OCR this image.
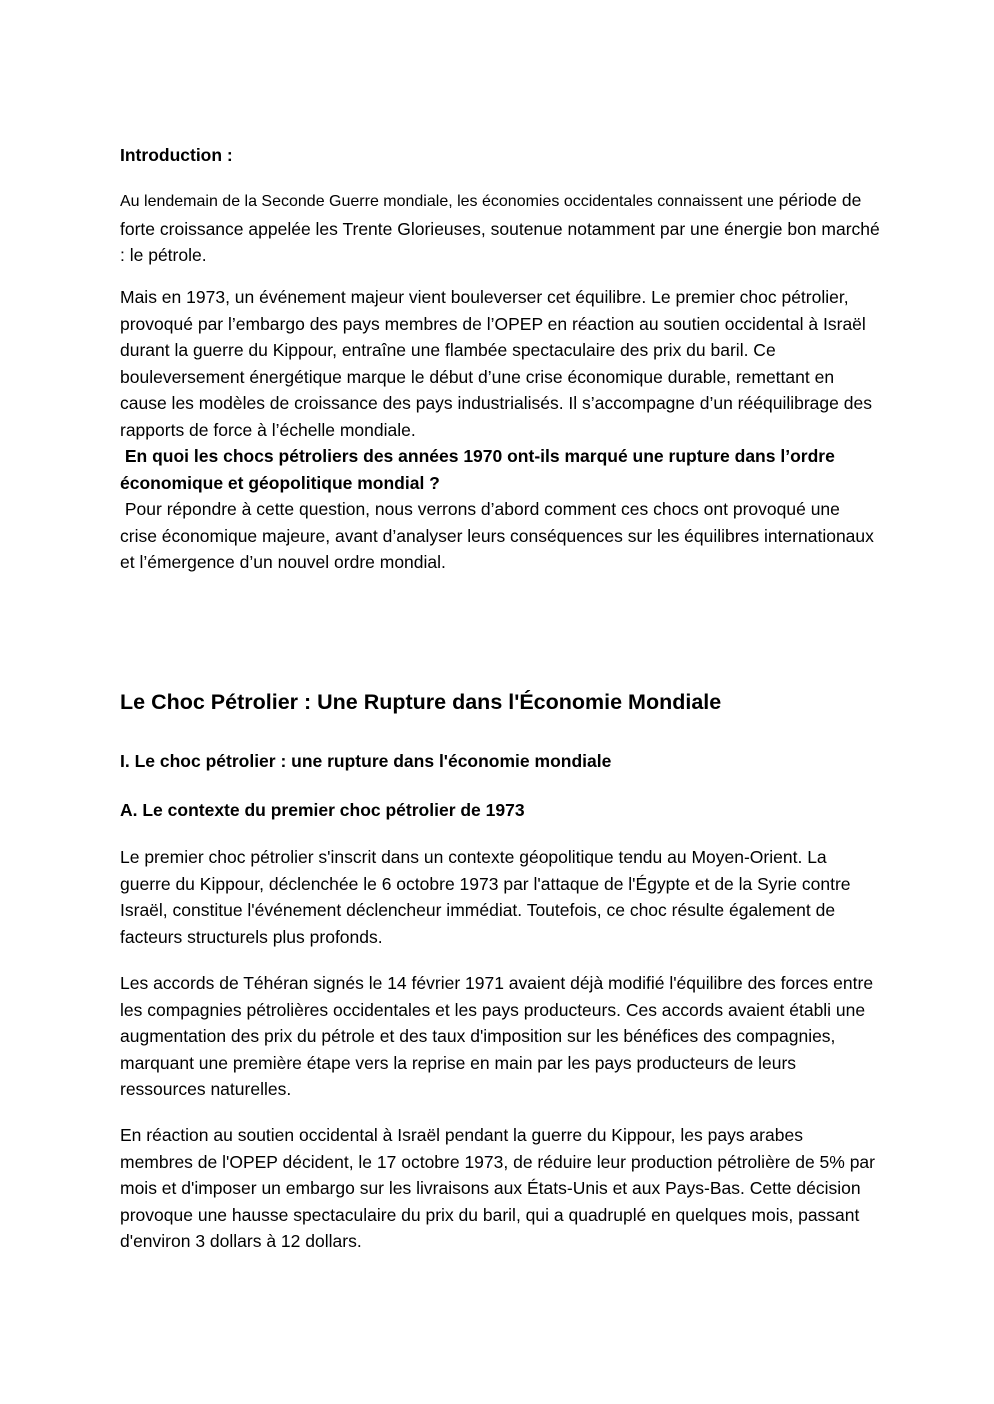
Introduction :

Au lendemain de la Seconde Guerre mondiale, les économies occidentales connaissent une période de forte croissance appelée les Trente Glorieuses, soutenue notamment par une énergie bon marché : le pétrole.

Mais en 1973, un événement majeur vient bouleverser cet équilibre. Le premier choc pétrolier, provoqué par l’embargo des pays membres de l’OPEP en réaction au soutien occidental à Israël durant la guerre du Kippour, entraîne une flambée spectaculaire des prix du baril. Ce bouleversement énergétique marque le début d’une crise économique durable, remettant en cause les modèles de croissance des pays industrialisés. Il s’accompagne d’un rééquilibrage des rapports de force à l’échelle mondiale.
En quoi les chocs pétroliers des années 1970 ont-ils marqué une rupture dans l’ordre économique et géopolitique mondial ?
Pour répondre à cette question, nous verrons d’abord comment ces chocs ont provoqué une crise économique majeure, avant d’analyser leurs conséquences sur les équilibres internationaux et l’émergence d’un nouvel ordre mondial.

Le Choc Pétrolier : Une Rupture dans l'Économie Mondiale
I. Le choc pétrolier : une rupture dans l'économie mondiale
A. Le contexte du premier choc pétrolier de 1973

Le premier choc pétrolier s'inscrit dans un contexte géopolitique tendu au Moyen-Orient. La guerre du Kippour, déclenchée le 6 octobre 1973 par l'attaque de l'Égypte et de la Syrie contre Israël, constitue l'événement déclencheur immédiat. Toutefois, ce choc résulte également de facteurs structurels plus profonds.

Les accords de Téhéran signés le 14 février 1971 avaient déjà modifié l'équilibre des forces entre les compagnies pétrolières occidentales et les pays producteurs. Ces accords avaient établi une augmentation des prix du pétrole et des taux d'imposition sur les bénéfices des compagnies, marquant une première étape vers la reprise en main par les pays producteurs de leurs ressources naturelles.

En réaction au soutien occidental à Israël pendant la guerre du Kippour, les pays arabes membres de l'OPEP décident, le 17 octobre 1973, de réduire leur production pétrolière de 5% par mois et d'imposer un embargo sur les livraisons aux États-Unis et aux Pays-Bas. Cette décision provoque une hausse spectaculaire du prix du baril, qui a quadruplé en quelques mois, passant d'environ 3 dollars à 12 dollars.
